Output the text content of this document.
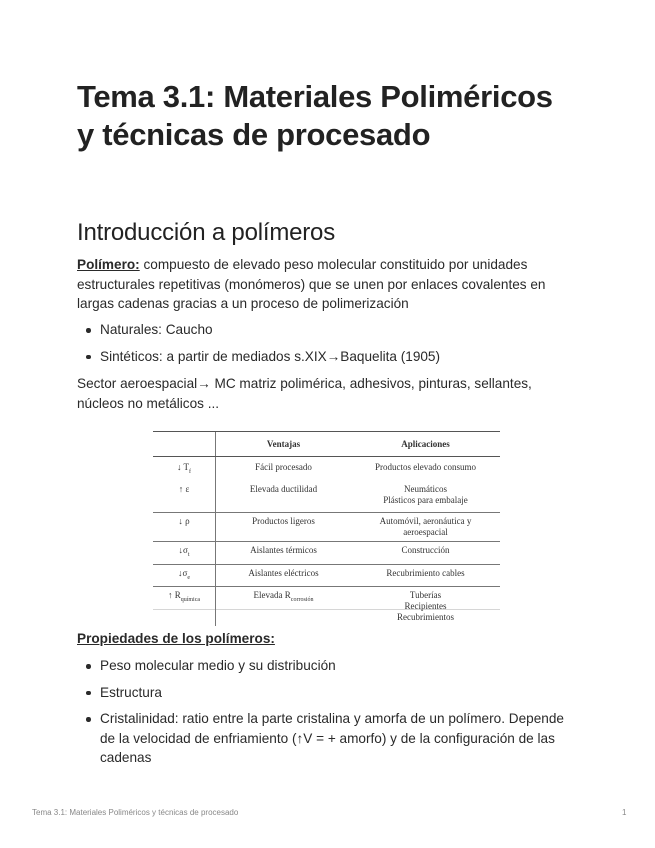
Tema 3.1: Materiales Poliméricos y técnicas de procesado
Introducción a polímeros

Polímero: compuesto de elevado peso molecular constituido por unidades estructurales repetitivas (monómeros) que se unen por enlaces covalentes en largas cadenas gracias a un proceso de polimerización

Naturales: Caucho
Sintéticos: a partir de mediados s.XIX→Baquelita (1905)

Sector aeroespacial→ MC matriz polimérica, adhesivos, pinturas, sellantes, núcleos no metálicos ...

	Ventajas	Aplicaciones
↓ $T_f$	Fácil procesado	Productos elevado consumo
↑ ε	Elevada ductilidad	Neumáticos
Plásticos para embalaje
↓ ρ	Productos ligeros	Automóvil, aeronáutica y aeroespacial
$↓\sigma_t$	Aislantes térmicos	Construcción
$↓\sigma_e$	Aislantes eléctricos	Recubrimiento cables
↑ $R_{química}$	Elevada $R_{corrosión}$	Tuberías
Recipientes
Recubrimientos

Propiedades de los polímeros:

Peso molecular medio y su distribución
Estructura
Cristalinidad: ratio entre la parte cristalina y amorfa de un polímero. Depende de la velocidad de enfriamiento (↑V = + amorfo) y de la configuración de las cadenas
Tema 3.1: Materiales Poliméricos y técnicas de procesado	1
